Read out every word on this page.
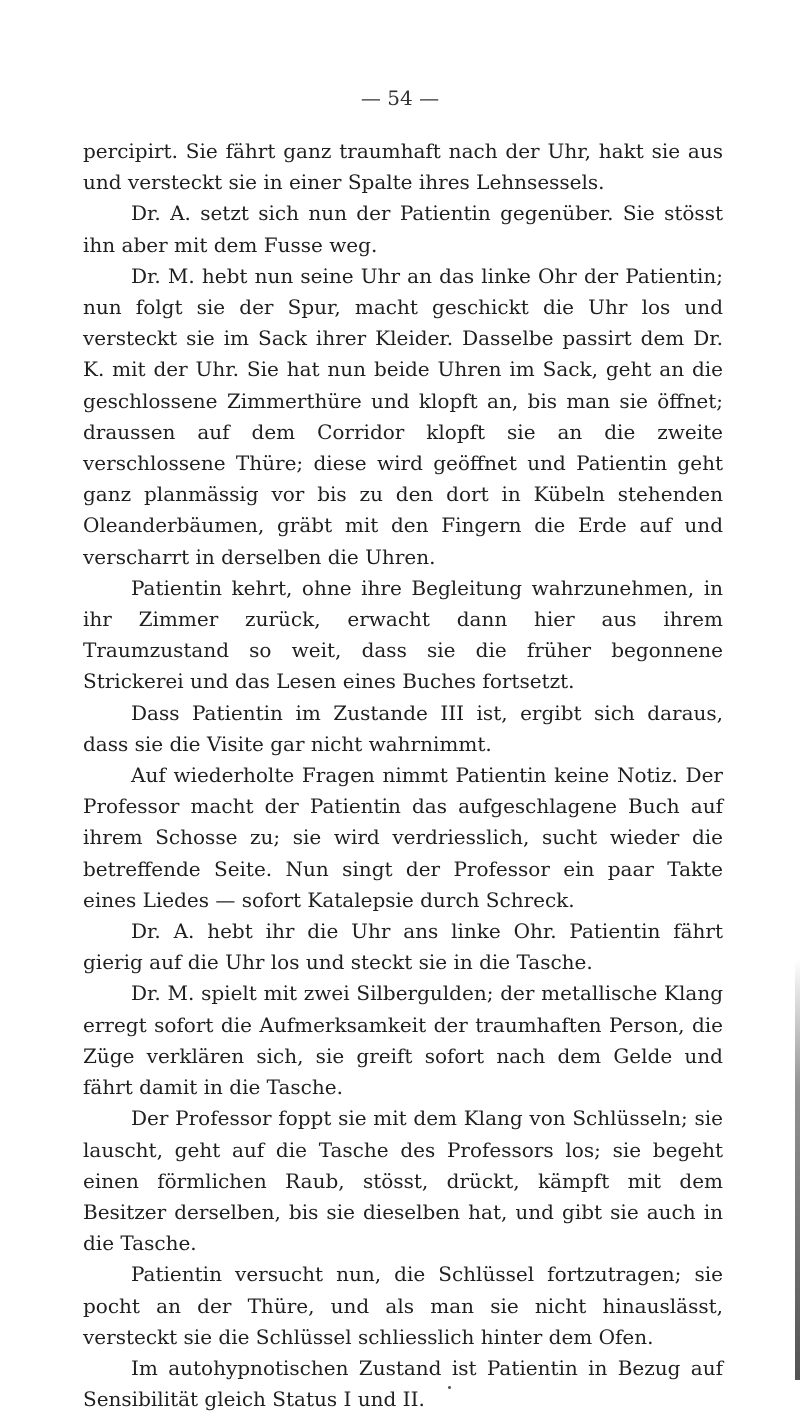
— 54 —

percipirt. Sie fährt ganz traumhaft nach der Uhr, hakt sie aus und versteckt sie in einer Spalte ihres Lehnsessels.

Dr. A. setzt sich nun der Patientin gegenüber. Sie stösst ihn aber mit dem Fusse weg.

Dr. M. hebt nun seine Uhr an das linke Ohr der Patientin; nun folgt sie der Spur, macht geschickt die Uhr los und versteckt sie im Sack ihrer Kleider. Dasselbe passirt dem Dr. K. mit der Uhr. Sie hat nun beide Uhren im Sack, geht an die geschlossene Zimmerthüre und klopft an, bis man sie öffnet; draussen auf dem Corridor klopft sie an die zweite verschlossene Thüre; diese wird geöffnet und Patientin geht ganz planmässig vor bis zu den dort in Kübeln stehenden Oleanderbäumen, gräbt mit den Fingern die Erde auf und verscharrt in derselben die Uhren.

Patientin kehrt, ohne ihre Begleitung wahrzunehmen, in ihr Zimmer zurück, erwacht dann hier aus ihrem Traumzustand so weit, dass sie die früher begonnene Strickerei und das Lesen eines Buches fortsetzt.

Dass Patientin im Zustande III ist, ergibt sich daraus, dass sie die Visite gar nicht wahrnimmt.

Auf wiederholte Fragen nimmt Patientin keine Notiz. Der Professor macht der Patientin das aufgeschlagene Buch auf ihrem Schosse zu; sie wird verdriesslich, sucht wieder die betreffende Seite. Nun singt der Professor ein paar Takte eines Liedes — sofort Katalepsie durch Schreck.

Dr. A. hebt ihr die Uhr ans linke Ohr. Patientin fährt gierig auf die Uhr los und steckt sie in die Tasche.

Dr. M. spielt mit zwei Silbergulden; der metallische Klang erregt sofort die Aufmerksamkeit der traumhaften Person, die Züge verklären sich, sie greift sofort nach dem Gelde und fährt damit in die Tasche.

Der Professor foppt sie mit dem Klang von Schlüsseln; sie lauscht, geht auf die Tasche des Professors los; sie begeht einen förmlichen Raub, stösst, drückt, kämpft mit dem Besitzer derselben, bis sie dieselben hat, und gibt sie auch in die Tasche.

Patientin versucht nun, die Schlüssel fortzutragen; sie pocht an der Thüre, und als man sie nicht hinauslässt, versteckt sie die Schlüssel schliesslich hinter dem Ofen.

Im autohypnotischen Zustand ist Patientin in Bezug auf Sensibilität gleich Status I und II.
